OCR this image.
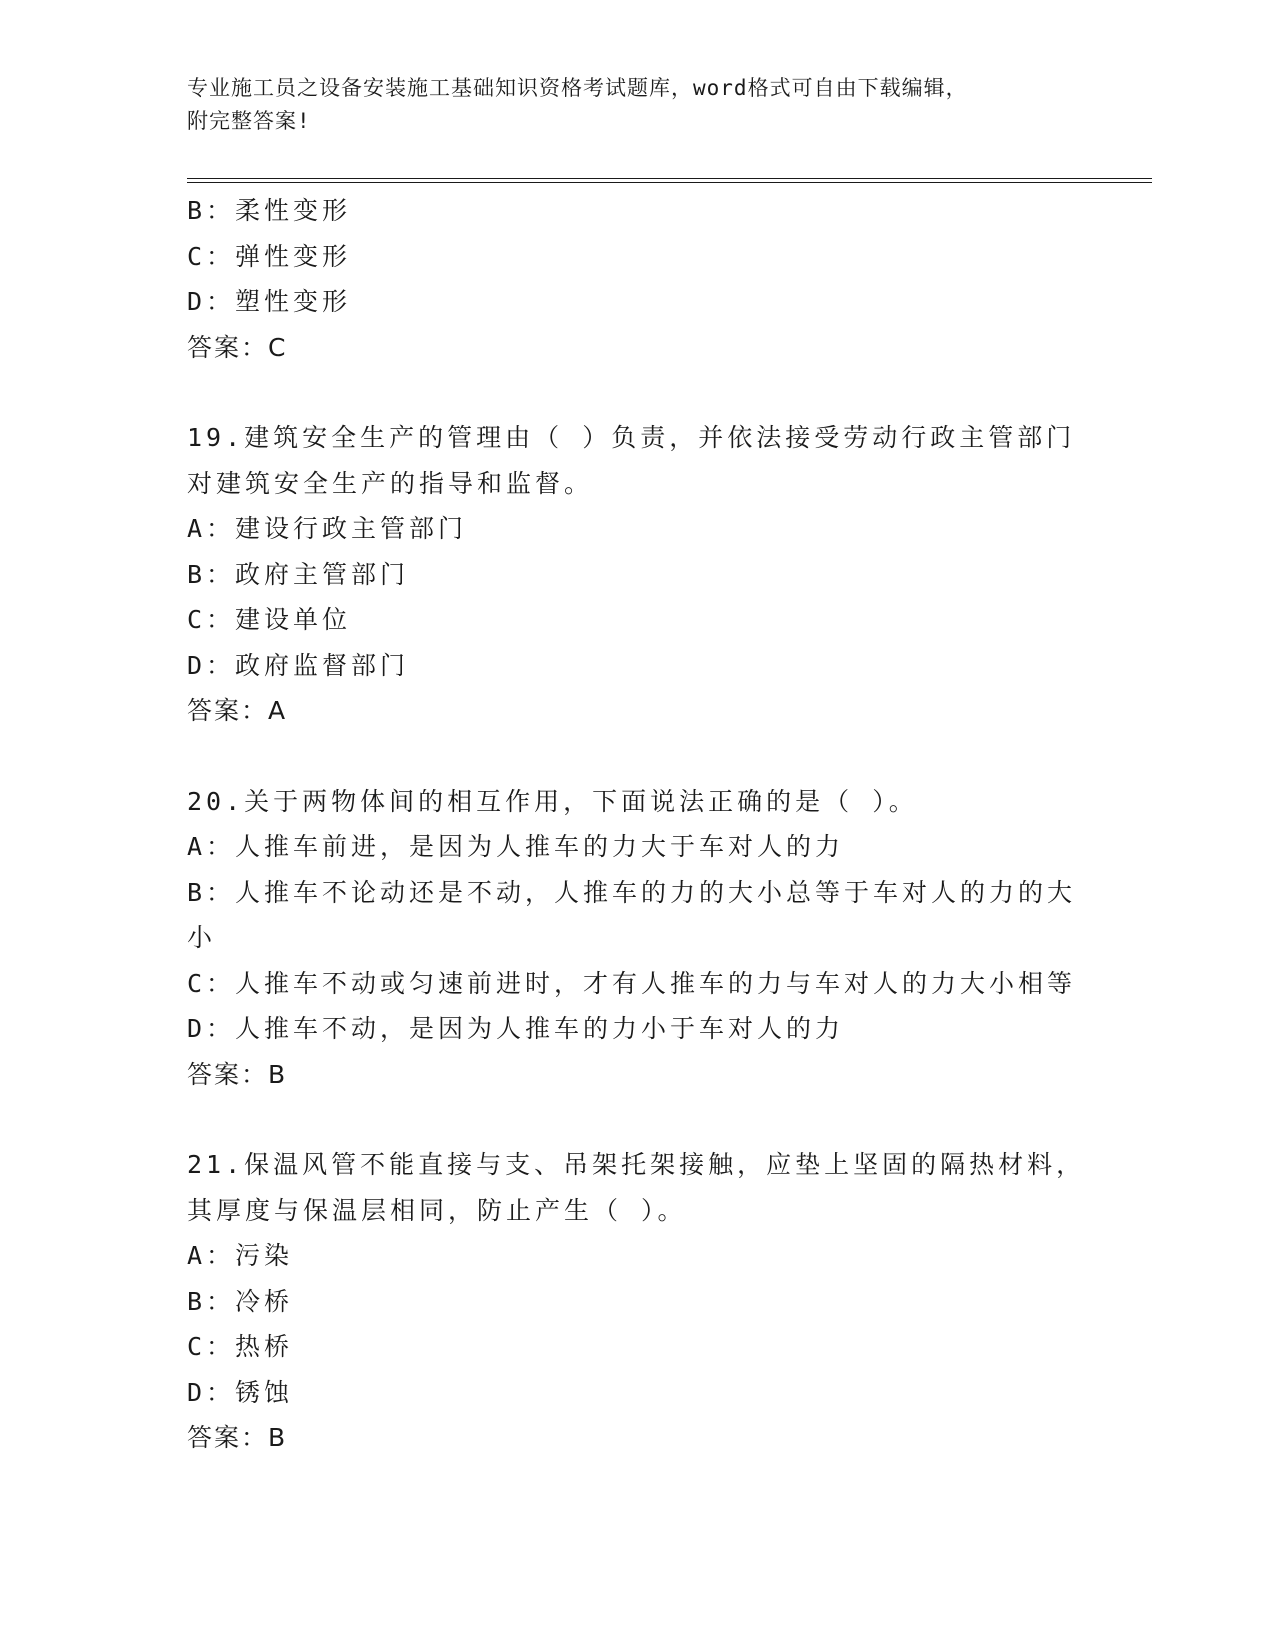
专业施工员之设备安装施工基础知识资格考试题库，word格式可自由下载编辑，
附完整答案!
B：柔性变形
C：弹性变形
D：塑性变形
答案：C
19.建筑安全生产的管理由（ ）负责，并依法接受劳动行政主管部门
对建筑安全生产的指导和监督。
A：建设行政主管部门
B：政府主管部门
C：建设单位
D：政府监督部门
答案：A
20.关于两物体间的相互作用，下面说法正确的是（ ）。
A：人推车前进，是因为人推车的力大于车对人的力
B：人推车不论动还是不动，人推车的力的大小总等于车对人的力的大
小
C：人推车不动或匀速前进时，才有人推车的力与车对人的力大小相等
D：人推车不动，是因为人推车的力小于车对人的力
答案：B
21.保温风管不能直接与支、吊架托架接触，应垫上坚固的隔热材料，
其厚度与保温层相同，防止产生（ ）。
A：污染
B：冷桥
C：热桥
D：锈蚀
答案：B
